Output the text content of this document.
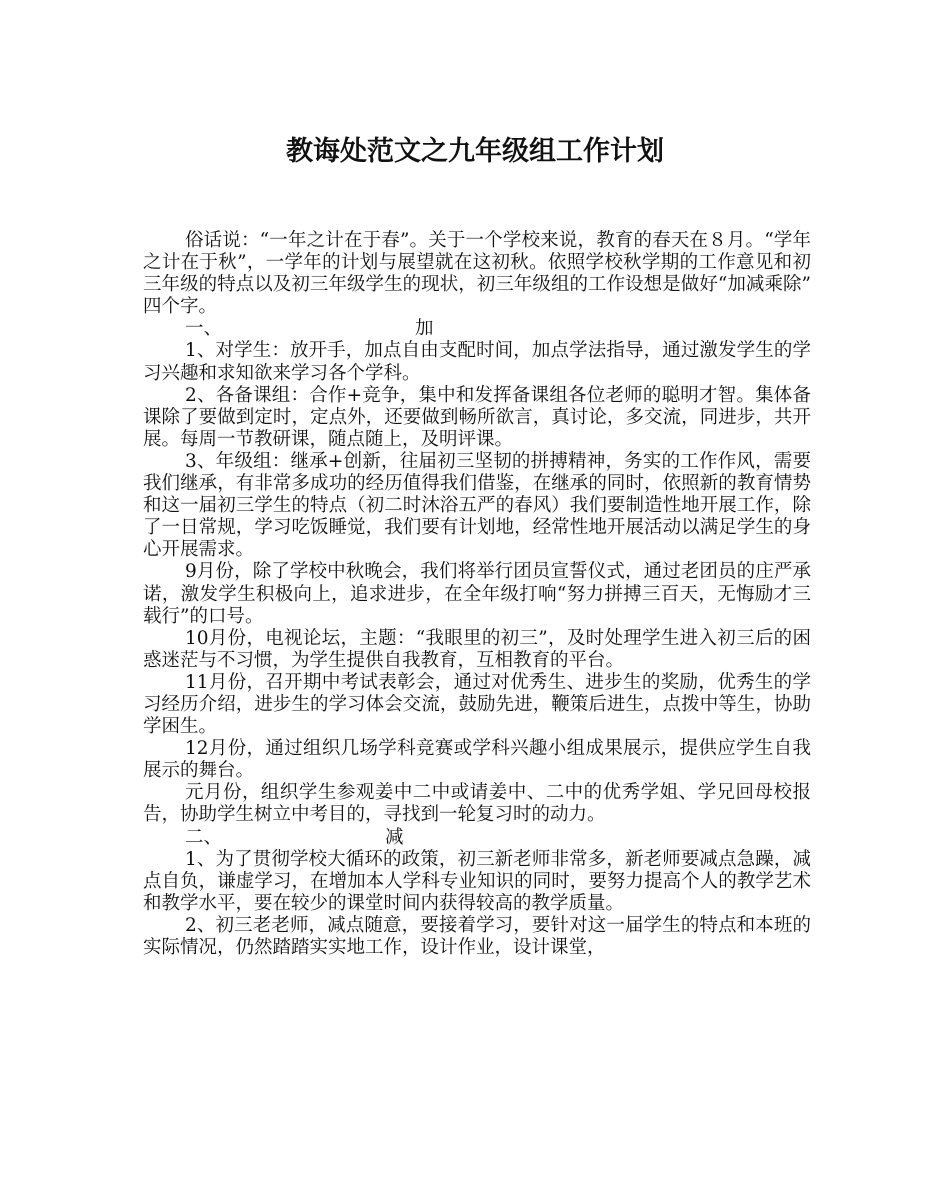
教诲处范文之九年级组工作计划

俗话说：“一年之计在于春”。关于一个学校来说，教育的春天在８月。“学年之计在于秋”，一学年的计划与展望就在这初秋。依照学校秋学期的工作意见和初三年级的特点以及初三年级学生的现状，初三年级组的工作设想是做好“加减乘除”四个字。

一、	加

1、对学生：放开手，加点自由支配时间，加点学法指导，通过激发学生的学习兴趣和求知欲来学习各个学科。

2、各备课组：合作+竞争，集中和发挥备课组各位老师的聪明才智。集体备课除了要做到定时，定点外，还要做到畅所欲言，真讨论，多交流，同进步，共开展。每周一节教研课，随点随上，及明评课。

3、年级组：继承+创新，往届初三坚韧的拼搏精神，务实的工作作风，需要我们继承，有非常多成功的经历值得我们借鉴，在继承的同时，依照新的教育情势和这一届初三学生的特点（初二时沐浴五严的春风）我们要制造性地开展工作，除了一日常规，学习吃饭睡觉，我们要有计划地，经常性地开展活动以满足学生的身心开展需求。

9月份，除了学校中秋晚会，我们将举行团员宣誓仪式，通过老团员的庄严承诺，激发学生积极向上，追求进步，在全年级打响“努力拼搏三百天，无悔励才三载行”的口号。

10月份，电视论坛，主题：“我眼里的初三”，及时处理学生进入初三后的困惑迷茫与不习惯，为学生提供自我教育，互相教育的平台。

11月份，召开期中考试表彰会，通过对优秀生、进步生的奖励，优秀生的学习经历介绍，进步生的学习体会交流，鼓励先进，鞭策后进生，点拨中等生，协助学困生。

12月份，通过组织几场学科竞赛或学科兴趣小组成果展示，提供应学生自我展示的舞台。

元月份，组织学生参观姜中二中或请姜中、二中的优秀学姐、学兄回母校报告，协助学生树立中考目的，寻找到一轮复习时的动力。

二、	减

1、为了贯彻学校大循环的政策，初三新老师非常多，新老师要减点急躁，减点自负，谦虚学习，在增加本人学科专业知识的同时，要努力提高个人的教学艺术和教学水平，要在较少的课堂时间内获得较高的教学质量。

2、初三老老师，减点随意，要接着学习，要针对这一届学生的特点和本班的实际情况，仍然踏踏实实地工作，设计作业，设计课堂，
